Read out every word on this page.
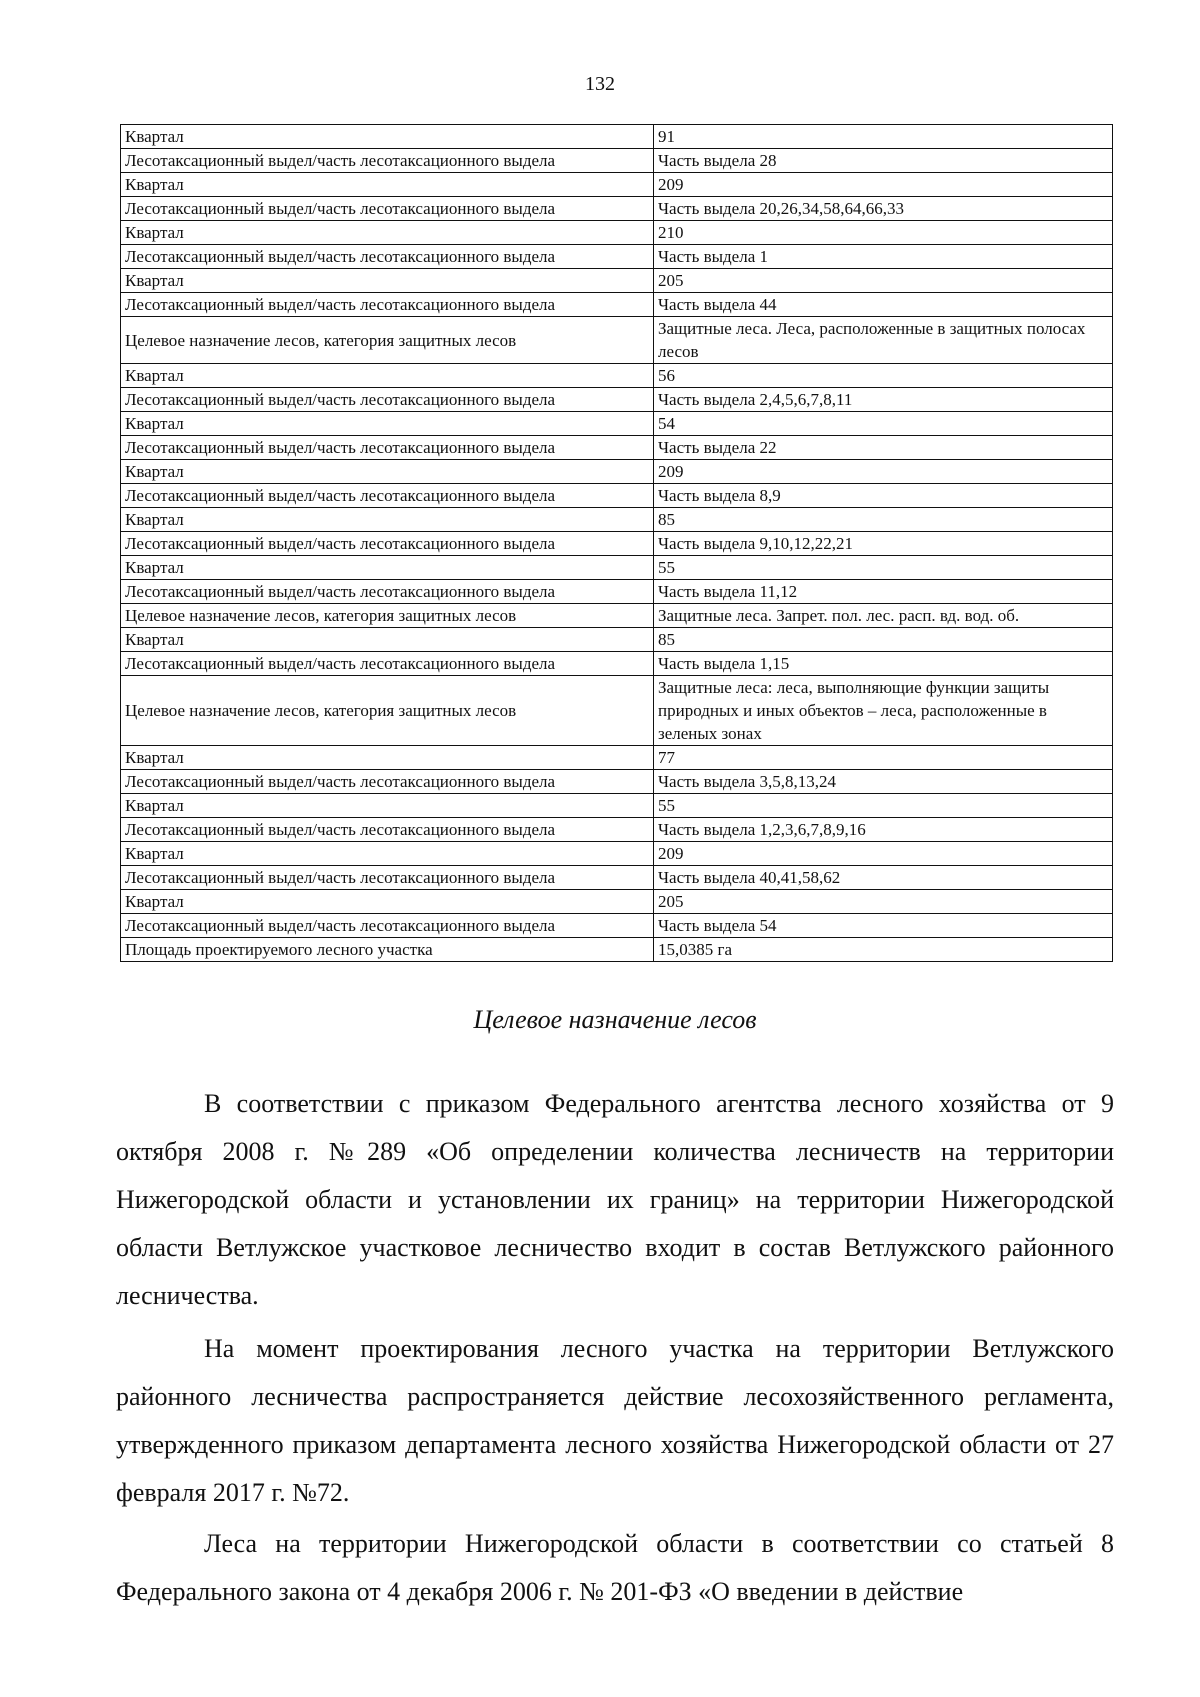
132
Квартал	91
Лесотаксационный выдел/часть лесотаксационного выдела	Часть выдела 28
Квартал	209
Лесотаксационный выдел/часть лесотаксационного выдела	Часть выдела 20,26,34,58,64,66,33
Квартал	210
Лесотаксационный выдел/часть лесотаксационного выдела	Часть выдела 1
Квартал	205
Лесотаксационный выдел/часть лесотаксационного выдела	Часть выдела 44
Целевое назначение лесов, категория защитных лесов	Защитные леса. Леса, расположенные в защитных полосах лесов
Квартал	56
Лесотаксационный выдел/часть лесотаксационного выдела	Часть выдела 2,4,5,6,7,8,11
Квартал	54
Лесотаксационный выдел/часть лесотаксационного выдела	Часть выдела 22
Квартал	209
Лесотаксационный выдел/часть лесотаксационного выдела	Часть выдела 8,9
Квартал	85
Лесотаксационный выдел/часть лесотаксационного выдела	Часть выдела 9,10,12,22,21
Квартал	55
Лесотаксационный выдел/часть лесотаксационного выдела	Часть выдела 11,12
Целевое назначение лесов, категория защитных лесов	Защитные леса. Запрет. пол. лес. расп. вд. вод. об.
Квартал	85
Лесотаксационный выдел/часть лесотаксационного выдела	Часть выдела 1,15
Целевое назначение лесов, категория защитных лесов	Защитные леса: леса, выполняющие функции защиты природных и иных объектов – леса, расположенные в зеленых зонах
Квартал	77
Лесотаксационный выдел/часть лесотаксационного выдела	Часть выдела 3,5,8,13,24
Квартал	55
Лесотаксационный выдел/часть лесотаксационного выдела	Часть выдела 1,2,3,6,7,8,9,16
Квартал	209
Лесотаксационный выдел/часть лесотаксационного выдела	Часть выдела 40,41,58,62
Квартал	205
Лесотаксационный выдел/часть лесотаксационного выдела	Часть выдела 54
Площадь проектируемого лесного участка	15,0385 га
Целевое назначение лесов

В соответствии с приказом Федерального агентства лесного хозяйства от 9 октября 2008 г. №289 «Об определении количества лесничеств на территории Нижегородской области и установлении их границ» на территории Нижегородской области Ветлужское участковое лесничество входит в состав Ветлужского районного лесничества.

На момент проектирования лесного участка на территории Ветлужского районного лесничества распространяется действие лесохозяйственного регламента, утвержденного приказом департамента лесного хозяйства Нижегородской области от 27 февраля 2017 г. №72.

Леса на территории Нижегородской области в соответствии со статьей 8 Федерального закона от 4 декабря 2006 г. № 201-ФЗ «О введении в действие
